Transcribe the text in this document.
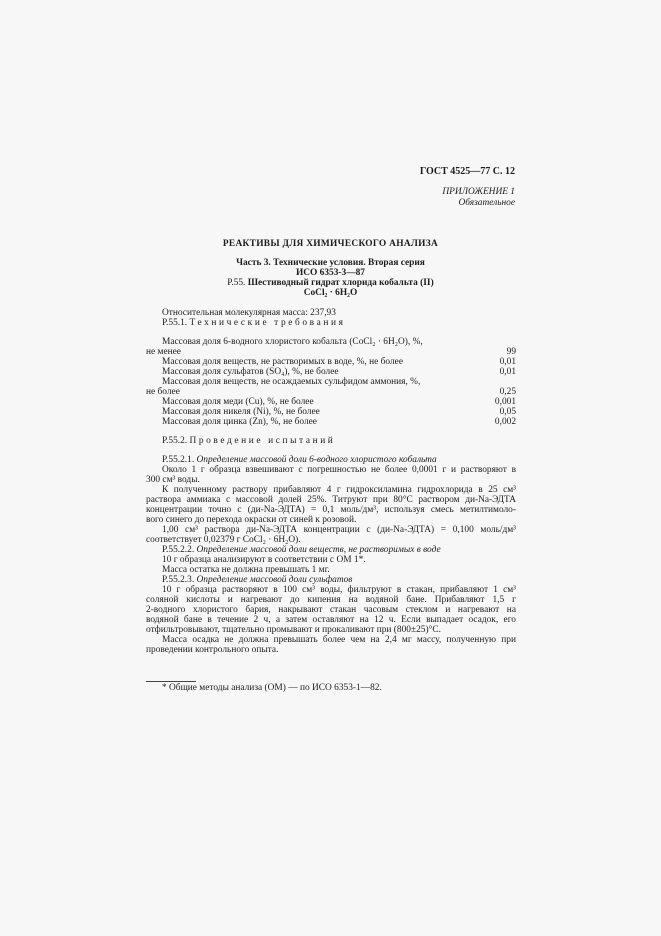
ГОСТ 4525—77 С. 12
ПРИЛОЖЕНИЕ 1
Обязательное
РЕАКТИВЫ ДЛЯ ХИМИЧЕСКОГО АНАЛИЗА
Часть 3. Технические условия. Вторая серия
ИСО 6353-3—87
Р.55. Шестиводный гидрат хлорида кобальта (II)
CoCl₂ · 6H₂O
Относительная молекулярная масса: 237,93
Р.55.1. Технические требования
Массовая доля 6-водного хлористого кобальта (CoCl₂ · 6H₂O), %,
не менее	99
Массовая доля веществ, не растворимых в воде, %, не более	0,01
Массовая доля сульфатов (SO₄), %, не более	0,01
Массовая доля веществ, не осаждаемых сульфидом аммония, %,
не более	0,25
Массовая доля меди (Cu), %, не более	0,001
Массовая доля никеля (Ni), %, не более	0,05
Массовая доля цинка (Zn), %, не более	0,002
Р.55.2. Проведение испытаний
Р.55.2.1. Определение массовой доли 6-водного хлористого кобальта
Около 1 г образца взвешивают с погрешностью не более 0,0001 г и растворяют в
300 см³ воды.
К полученному раствору прибавляют 4 г гидроксиламина гидрохлорида в 25 см³
раствора аммиака с массовой долей 25%. Титруют при 80°С раствором ди-Na-ЭДТА
концентрации точно с (ди-Na-ЭДТА) = 0,1 моль/дм³, используя смесь метилтимоло-
вого синего до перехода окраски от синей к розовой.
1,00 см³ раствора ди-Na-ЭДТА концентрации с (ди-Na-ЭДТА) = 0,100 моль/дм³
соответствует 0,02379 г CoCl₂ · 6H₂O).
Р.55.2.2. Определение массовой доли веществ, не растворимых в воде
10 г образца анализируют в соответствии с ОМ 1*.
Масса остатка не должна превышать 1 мг.
Р.55.2.3. Определение массовой доли сульфатов
10 г образца растворяют в 100 см³ воды, фильтруют в стакан, прибавляют 1 см³
соляной кислоты и нагревают до кипения на водяной бане. Прибавляют 1,5 г
2-водного хлористого бария, накрывают стакан часовым стеклом и нагревают на
водяной бане в течение 2 ч, а затем оставляют на 12 ч. Если выпадает осадок, его
отфильтровывают, тщательно промывают и прокаливают при (800±25)°С.
Масса осадка не должна превышать более чем на 2,4 мг массу, полученную при
проведении контрольного опыта.
* Общие методы анализа (ОМ) — по ИСО 6353-1—82.
